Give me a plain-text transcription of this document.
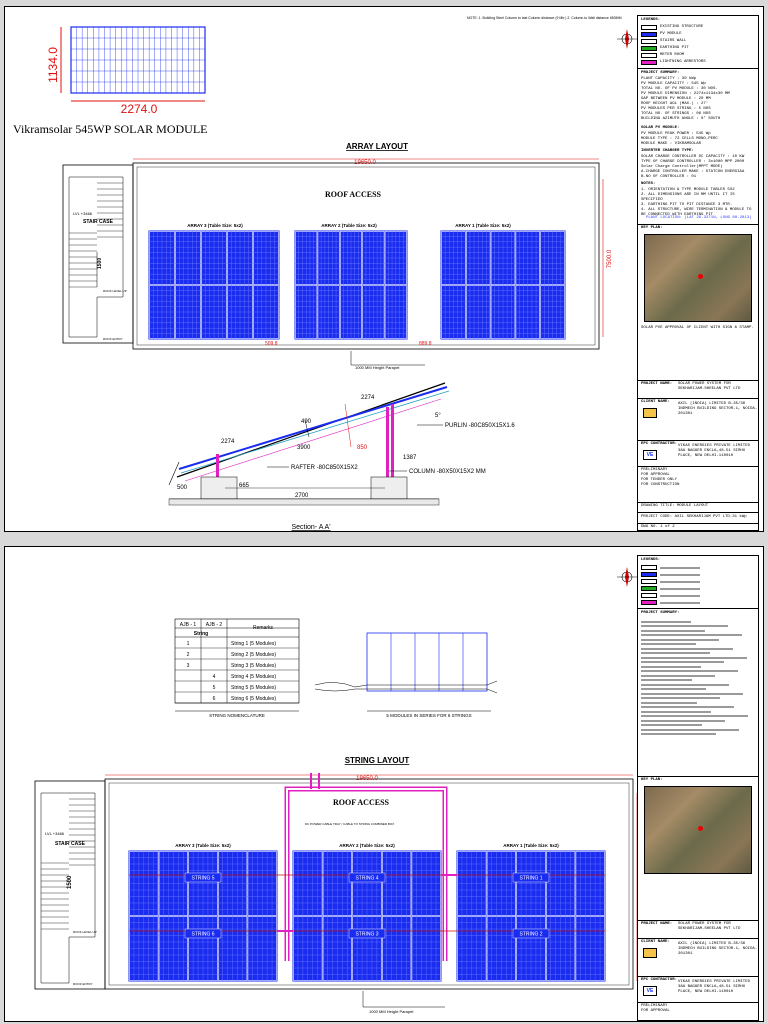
NOTE: 1. Building Steel Column to last Column distance (9 Mtr.) 2. Column to Wall distance 650MM
1134.0
2274.0
Vikramsolar 545WP SOLAR MODULE
ARRAY LAYOUT
19650.0
7500.0
ROOF ACCESS
LVL +3466
STAIR CASE
1500
ROOF LEVEL UP
ROOF ENTRY
ARRAY 3 (Table Size: 5x2)	ARRAY 2 (Table Size: 5x2)	ARRAY 1 (Table Size: 5x2)
509.8	889.8
1000 MM Height Parapet
2274
2274
3900	850
1387
500	665
2700
490
5°
PURLIN -80C850X15X1.6
RAFTER -80C850X15X2
COLUMN -80X50X15X2 MM
Section- A A'
LEGENDS:
EXISTING STRUCTURE
PV MODULE
STAIRS WALL
EARTHING PIT
METER ROOM
LIGHTNING ARRESTORS
PROJECT SUMMARY:
PLANT CAPACITY : 30 kWp
PV MODULE CAPACITY : 545 Wp
TOTAL NO. OF PV MODULE : 30 NOS.
PV MODULE DIMENSION : 2274x1134x30 MM
GAP BETWEEN PV MODULE : 20 MM
ROOF HEIGHT AGL (MAX.) : 27'
PV MODULES PER STRING : 5 NOS
TOTAL NO. OF STRINGS : 06 NOS
BUILDING AZIMUTH ANGLE : 0° SOUTH
SOLAR PV MODULE:
PV MODULE PEAK POWER : 545 Wp
MODULE TYPE : 72 CELLS MONO-PERC
MODULE MAKE : VIKRAMSOLAR
INVERTER CHARGER TYPE:
SOLAR CHARGE CONTROLLER DC CAPACITY : 10 KW
TYPE OF CHARGE CONTROLLER : 3x1000 MPP 2000 Solar Charge Controller(MPPT MODE)
A.CHARGE CONTROLLER MAKE : STATCON ENERGIAA
B.NO OF CONTROLLER : 01
NOTES:
1. ORIENTATION & TYPE MODULE TABLES 5X2
2. ALL DIMENSIONS ARE IN MM UNTIL IT IS SPECIFIED
3. EARTHING PIT TO PIT DISTANCE 3 MTR.
4. ALL STRUCTURE, WIRE TERMINATION & MODULE TO BE CONNECTED WITH EARTHING PIT
PLANT LOCATION: (LAT 29.3271N, LONG 80.2813)
KEY PLAN:
SOLAR PVE APPROVAL OF CLIENT WITH SIGN & STAMP.
PROJECT NAME: SOLAR POWER SYSTEM FOR SEKHARIJAM-SHEELAN PVT LTD
CLIENT NAME: AXIL (INDIA) LIMITED B-35/36 INDMECH BUILDING SECTOR-1, NOIDA-201301
EPC CONTRACTOR:
VE
VIKAS ENERGIES PRIVATE LIMITED 38A BAGGER ENCLA,48-51 SIRHU PLACE, NEW DELHI-110010
PRELIMINARY
FOR APPROVAL
FOR TENDER ONLY
FOR CONSTRUCTION
DRAWING TITLE: MODULE LAYOUT
PROJECT CODE: AXIL SEKHARIJAM PVT LTD-31 kWp
DWG NO. 1 of 2
AJB - 1 AJB - 2	Remarks
String
1	String 1 (5 Modules)
2	String 2 (5 Modules)
3	String 3 (5 Modules)
4	String 4 (5 Modules)
5	String 5 (5 Modules)
6	String 6 (5 Modules)
STRING NOMENCLATURE	5 MODULES IN SERIES FOR 6 STRINGS
STRING LAYOUT
19650.0
ROOF ACCESS
DC POWER CABLE TRAY / CABLE TO STRING COMBINER BOX
LVL +3466
STAIR CASE
1500
ROOF LEVEL UP
ROOF ENTRY
ARRAY 3 (Table Size: 5x2)	ARRAY 2 (Table Size: 5x2)	ARRAY 1 (Table Size: 5x2)
STRING 5
STRING 6
STRING 4
STRING 3
STRING 1
STRING 2
1000 MM Height Parapet
LEGENDS:
PROJECT SUMMARY:
KEY PLAN:
PROJECT NAME: SOLAR POWER SYSTEM FOR SEKHARIJAM-SHEELAN PVT LTD
CLIENT NAME: AXIL (INDIA) LIMITED B-35/36 INDMECH BUILDING SECTOR-1, NOIDA-201301
EPC CONTRACTOR:
VE
VIKAS ENERGIES PRIVATE LIMITED 38A BAGGER ENCLA,48-51 SIRHU PLACE, NEW DELHI-110010
PRELIMINARY
FOR APPROVAL
